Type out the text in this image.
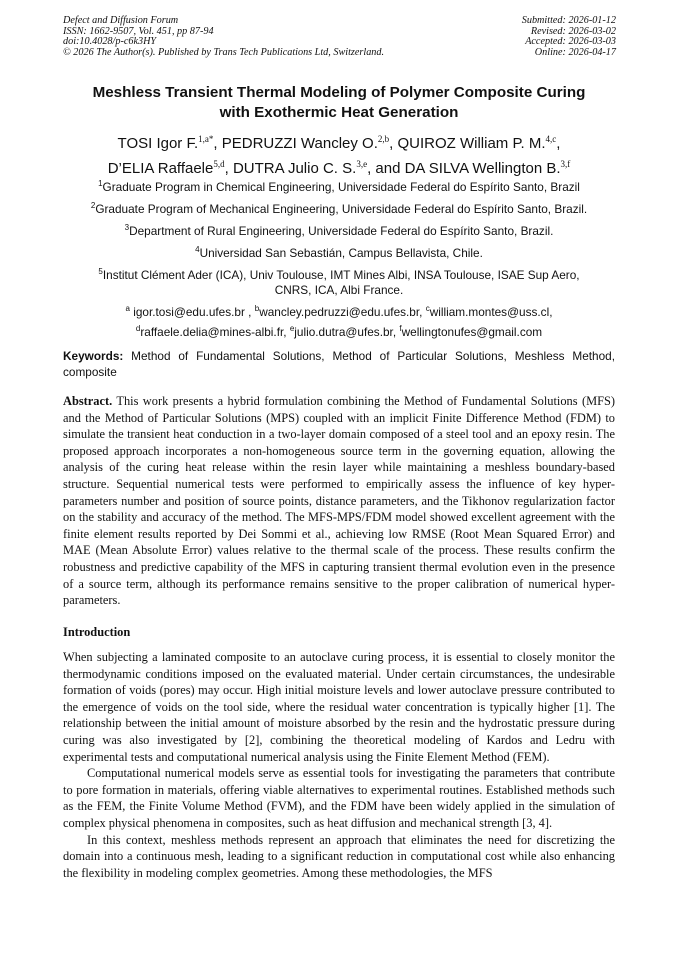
Defect and Diffusion Forum
ISSN: 1662-9507, Vol. 451, pp 87-94
doi:10.4028/p-c6k3HY
© 2026 The Author(s). Published by Trans Tech Publications Ltd, Switzerland.
Submitted: 2026-01-12
Revised: 2026-03-02
Accepted: 2026-03-03
Online: 2026-04-17
Meshless Transient Thermal Modeling of Polymer Composite Curing
with Exothermic Heat Generation
TOSI Igor F.$^{1,a*}$, PEDRUZZI Wancley O.$^{2,b}$, QUIROZ William P. M.$^{4,c}$,
D’ELIA Raffaele$^{5,d}$, DUTRA Julio C. S.$^{3,e}$, and DA SILVA Wellington B.$^{3,f}$
$^1$Graduate Program in Chemical Engineering, Universidade Federal do Espírito Santo, Brazil
$^2$Graduate Program of Mechanical Engineering, Universidade Federal do Espírito Santo, Brazil.
$^3$Department of Rural Engineering, Universidade Federal do Espírito Santo, Brazil.
$^4$Universidad San Sebastián, Campus Bellavista, Chile.
$^5$Institut Clément Ader (ICA), Univ Toulouse, IMT Mines Albi, INSA Toulouse, ISAE Sup Aero,
CNRS, ICA, Albi France.
$^a$ igor.tosi@edu.ufes.br , $^b$wancley.pedruzzi@edu.ufes.br, $^c$william.montes@uss.cl,
$^d$raffaele.delia@mines-albi.fr, $^e$julio.dutra@ufes.br, $^f$wellingtonufes@gmail.com
Keywords: Method of Fundamental Solutions, Method of Particular Solutions, Meshless Method, composite
Abstract. This work presents a hybrid formulation combining the Method of Fundamental Solutions (MFS) and the Method of Particular Solutions (MPS) coupled with an implicit Finite Difference Method (FDM) to simulate the transient heat conduction in a two-layer domain composed of a steel tool and an epoxy resin. The proposed approach incorporates a non-homogeneous source term in the governing equation, allowing the analysis of the curing heat release within the resin layer while maintaining a meshless boundary-based structure. Sequential numerical tests were performed to empirically assess the influence of key hyper-parameters number and position of source points, distance parameters, and the Tikhonov regularization factor on the stability and accuracy of the method. The MFS-MPS/FDM model showed excellent agreement with the finite element results reported by Dei Sommi et al., achieving low RMSE (Root Mean Squared Error) and MAE (Mean Absolute Error) values relative to the thermal scale of the process. These results confirm the robustness and predictive capability of the MFS in capturing transient thermal evolution even in the presence of a source term, although its performance remains sensitive to the proper calibration of numerical hyper-parameters.
Introduction

When subjecting a laminated composite to an autoclave curing process, it is essential to closely monitor the thermodynamic conditions imposed on the evaluated material. Under certain circumstances, the undesirable formation of voids (pores) may occur. High initial moisture levels and lower autoclave pressure contributed to the emergence of voids on the tool side, where the residual water concentration is typically higher [1]. The relationship between the initial amount of moisture absorbed by the resin and the hydrostatic pressure during curing was also investigated by [2], combining the theoretical modeling of Kardos and Ledru with experimental tests and computational numerical analysis using the Finite Element Method (FEM).

Computational numerical models serve as essential tools for investigating the parameters that contribute to pore formation in materials, offering viable alternatives to experimental routines. Established methods such as the FEM, the Finite Volume Method (FVM), and the FDM have been widely applied in the simulation of complex physical phenomena in composites, such as heat diffusion and mechanical strength [3, 4].

In this context, meshless methods represent an approach that eliminates the need for discretizing the domain into a continuous mesh, leading to a significant reduction in computational cost while also enhancing the flexibility in modeling complex geometries. Among these methodologies, the MFS
